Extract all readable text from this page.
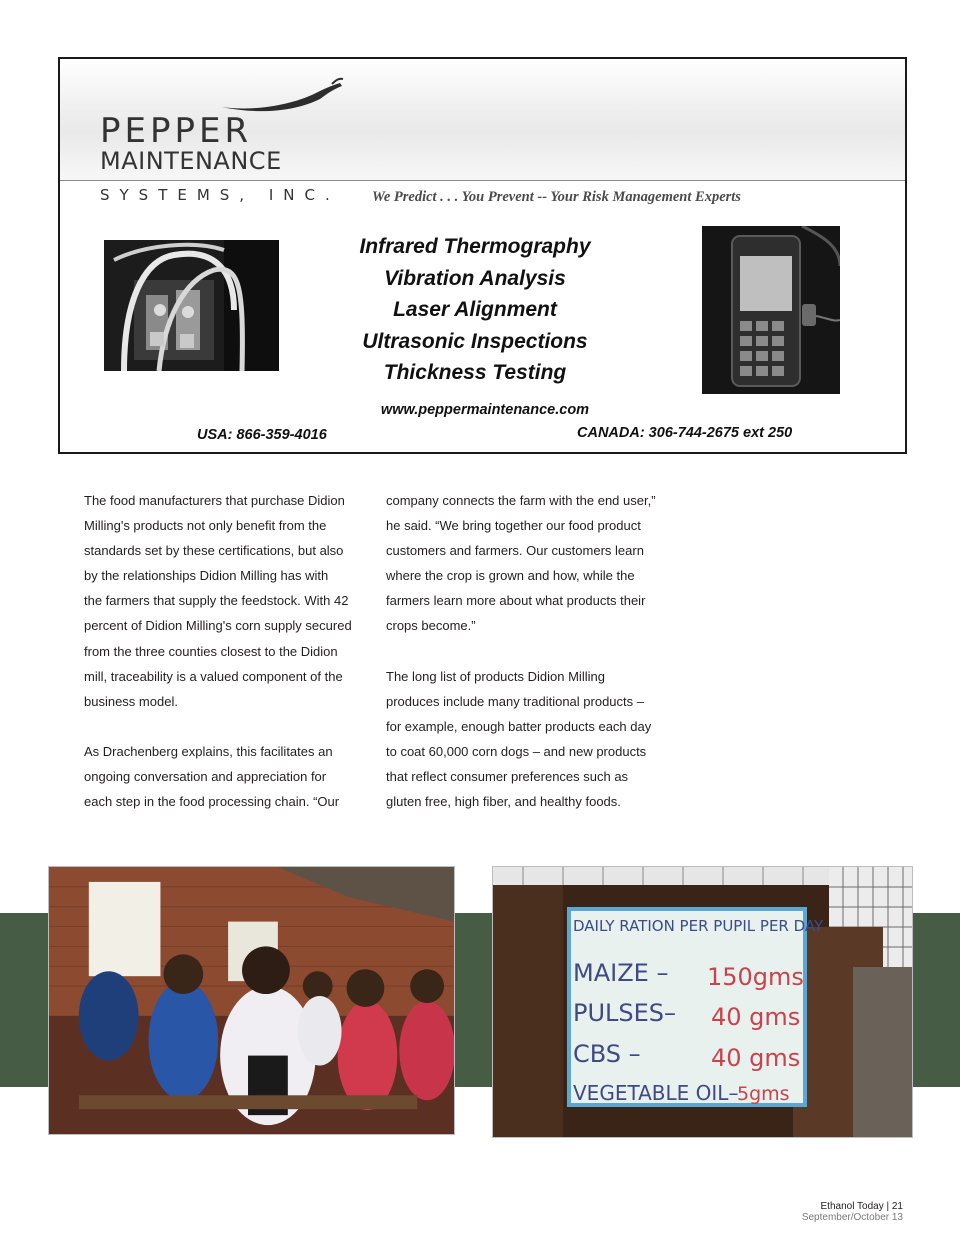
PEPPER
MAINTENANCE
SYSTEMS, INC. We Predict . . . You Prevent -- Your Risk Management Experts
Infrared Thermography
Vibration Analysis
Laser Alignment
Ultrasonic Inspections
Thickness Testing
www.peppermaintenance.com
USA: 866-359-4016	CANADA: 306-744-2675 ext 250

The food manufacturers that purchase Didion
Milling's products not only benefit from the
standards set by these certifications, but also
by the relationships Didion Milling has with
the farmers that supply the feedstock. With 42
percent of Didion Milling's corn supply secured
from the three counties closest to the Didion
mill, traceability is a valued component of the
business model.

As Drachenberg explains, this facilitates an
ongoing conversation and appreciation for
each step in the food processing chain. “Our

company connects the farm with the end user,”
he said. “We bring together our food product
customers and farmers. Our customers learn
where the crop is grown and how, while the
farmers learn more about what products their
crops become.”

The long list of products Didion Milling
produces include many traditional products –
for example, enough batter products each day
to coat 60,000 corn dogs – and new products
that reflect consumer preferences such as
gluten free, high fiber, and healthy foods.

DAILY RATION PER PUPIL PER DAY
MAIZE – 150gms
PULSES– 40 gms
CBS –	40 gms
VEGETABLE OIL–
5gms
Ethanol Today | 21
September/October 13
